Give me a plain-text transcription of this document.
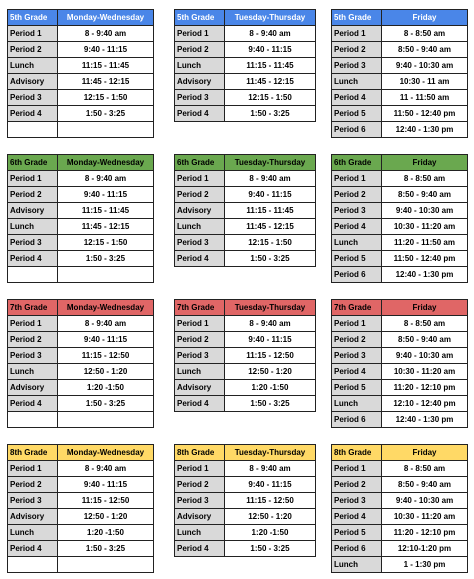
5th Grade	Monday-Wednesday
Period 1	8 - 9:40 am
Period 2	9:40 - 11:15
Lunch	11:15 - 11:45
Advisory	11:45 - 12:15
Period 3	12:15 - 1:50
Period 4	1:50 - 3:25

5th Grade	Tuesday-Thursday
Period 1	8 - 9:40 am
Period 2	9:40 - 11:15
Lunch	11:15 - 11:45
Advisory	11:45 - 12:15
Period 3	12:15 - 1:50
Period 4	1:50 - 3:25
5th Grade	Friday
Period 1	8 - 8:50 am
Period 2	8:50 - 9:40 am
Period 3	9:40 - 10:30 am
Lunch	10:30 - 11 am
Period 4	11 - 11:50 am
Period 5	11:50 - 12:40 pm
Period 6	12:40 - 1:30 pm
6th Grade	Monday-Wednesday
Period 1	8 - 9:40 am
Period 2	9:40 - 11:15
Advisory	11:15 - 11:45
Lunch	11:45 - 12:15
Period 3	12:15 - 1:50
Period 4	1:50 - 3:25

6th Grade	Tuesday-Thursday
Period 1	8 - 9:40 am
Period 2	9:40 - 11:15
Advisory	11:15 - 11:45
Lunch	11:45 - 12:15
Period 3	12:15 - 1:50
Period 4	1:50 - 3:25
6th Grade	Friday
Period 1	8 - 8:50 am
Period 2	8:50 - 9:40 am
Period 3	9:40 - 10:30 am
Period 4	10:30 - 11:20 am
Lunch	11:20 - 11:50 am
Period 5	11:50 - 12:40 pm
Period 6	12:40 - 1:30 pm
7th Grade	Monday-Wednesday
Period 1	8 - 9:40 am
Period 2	9:40 - 11:15
Period 3	11:15 - 12:50
Lunch	12:50 - 1:20
Advisory	1:20 -1:50
Period 4	1:50 - 3:25

7th Grade	Tuesday-Thursday
Period 1	8 - 9:40 am
Period 2	9:40 - 11:15
Period 3	11:15 - 12:50
Lunch	12:50 - 1:20
Advisory	1:20 -1:50
Period 4	1:50 - 3:25
7th Grade	Friday
Period 1	8 - 8:50 am
Period 2	8:50 - 9:40 am
Period 3	9:40 - 10:30 am
Period 4	10:30 - 11:20 am
Period 5	11:20 - 12:10 pm
Lunch	12:10 - 12:40 pm
Period 6	12:40 - 1:30 pm
8th Grade	Monday-Wednesday
Period 1	8 - 9:40 am
Period 2	9:40 - 11:15
Period 3	11:15 - 12:50
Advisory	12:50 - 1:20
Lunch	1:20 -1:50
Period 4	1:50 - 3:25

8th Grade	Tuesday-Thursday
Period 1	8 - 9:40 am
Period 2	9:40 - 11:15
Period 3	11:15 - 12:50
Advisory	12:50 - 1:20
Lunch	1:20 -1:50
Period 4	1:50 - 3:25
8th Grade	Friday
Period 1	8 - 8:50 am
Period 2	8:50 - 9:40 am
Period 3	9:40 - 10:30 am
Period 4	10:30 - 11:20 am
Period 5	11:20 - 12:10 pm
Period 6	12:10-1:20 pm
Lunch	1 - 1:30 pm
